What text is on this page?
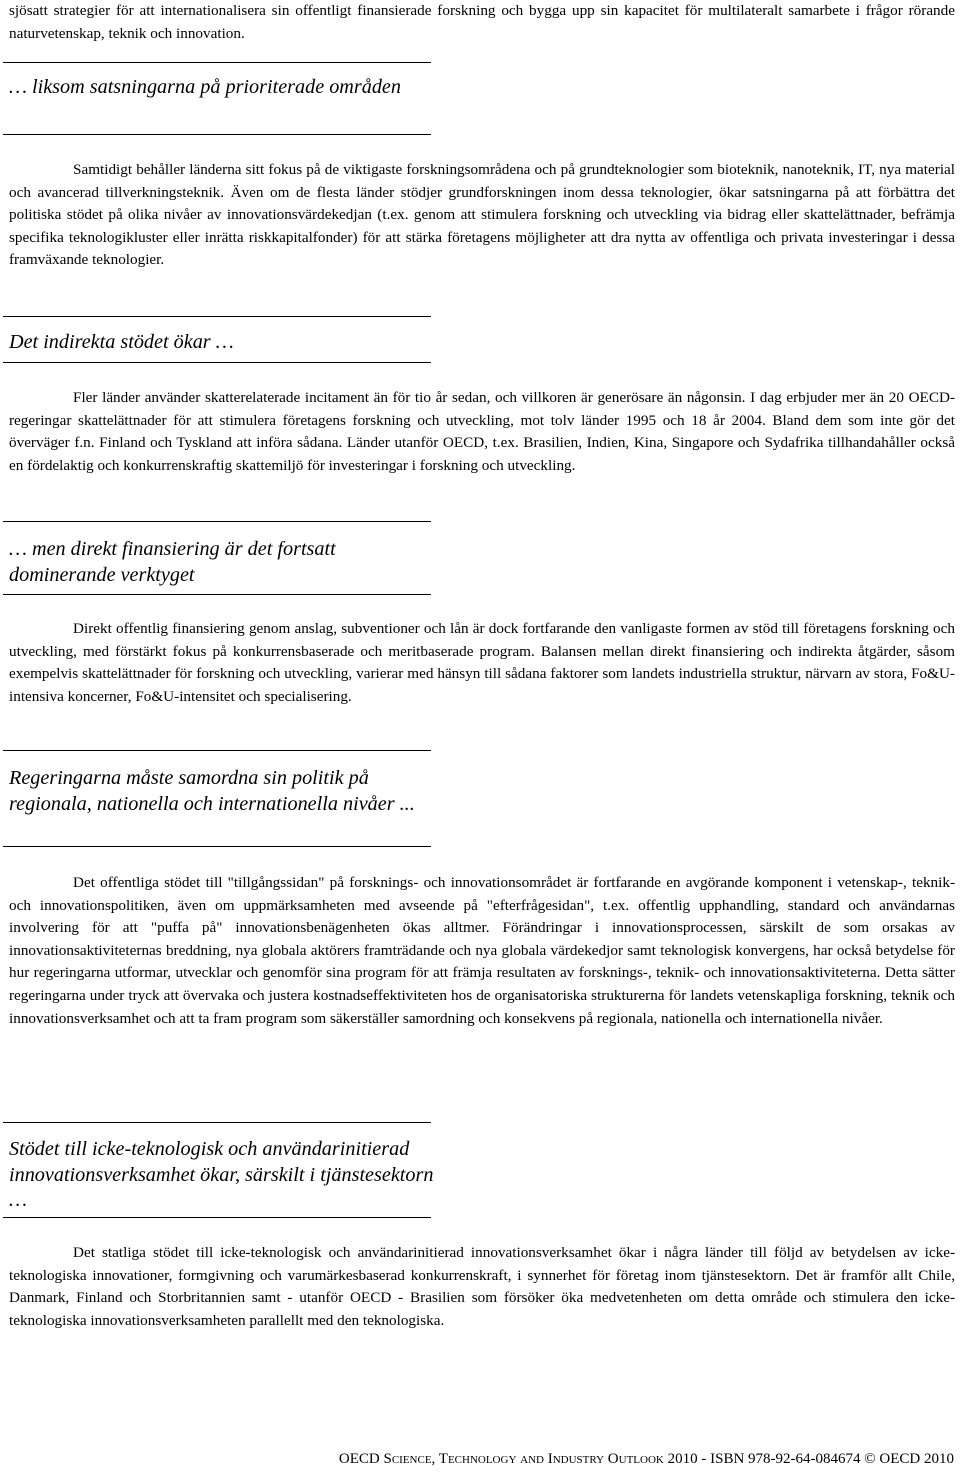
sjösatt strategier för att internationalisera sin offentligt finansierade forskning och bygga upp sin kapacitet för multilateralt samarbete i frågor rörande naturvetenskap, teknik och innovation.

… liksom satsningarna på prioriterade områden

Samtidigt behåller länderna sitt fokus på de viktigaste forskningsområdena och på grundteknologier som bioteknik, nanoteknik, IT, nya material och avancerad tillverkningsteknik. Även om de flesta länder stödjer grundforskningen inom dessa teknologier, ökar satsningarna på att förbättra det politiska stödet på olika nivåer av innovationsvärdekedjan (t.ex. genom att stimulera forskning och utveckling via bidrag eller skattelättnader, befrämja specifika teknologikluster eller inrätta riskkapitalfonder) för att stärka företagens möjligheter att dra nytta av offentliga och privata investeringar i dessa framväxande teknologier.

Det indirekta stödet ökar …

Fler länder använder skatterelaterade incitament än för tio år sedan, och villkoren är generösare än någonsin. I dag erbjuder mer än 20 OECD-regeringar skattelättnader för att stimulera företagens forskning och utveckling, mot tolv länder 1995 och 18 år 2004. Bland dem som inte gör det överväger f.n. Finland och Tyskland att införa sådana. Länder utanför OECD, t.ex. Brasilien, Indien, Kina, Singapore och Sydafrika tillhandahåller också en fördelaktig och konkurrenskraftig skattemiljö för investeringar i forskning och utveckling.

… men direkt finansiering är det fortsatt dominerande verktyget

Direkt offentlig finansiering genom anslag, subventioner och lån är dock fortfarande den vanligaste formen av stöd till företagens forskning och utveckling, med förstärkt fokus på konkurrensbaserade och meritbaserade program. Balansen mellan direkt finansiering och indirekta åtgärder, såsom exempelvis skattelättnader för forskning och utveckling, varierar med hänsyn till sådana faktorer som landets industriella struktur, närvarn av stora, Fo&U-intensiva koncerner, Fo&U-intensitet och specialisering.

Regeringarna måste samordna sin politik på regionala, nationella och internationella nivåer ...

Det offentliga stödet till "tillgångssidan" på forsknings- och innovationsområdet är fortfarande en avgörande komponent i vetenskap-, teknik- och innovationspolitiken, även om uppmärksamheten med avseende på "efterfrågesidan", t.ex. offentlig upphandling, standard och användarnas involvering för att "puffa på" innovationsbenägenheten ökas alltmer. Förändringar i innovationsprocessen, särskilt de som orsakas av innovationsaktiviteternas breddning, nya globala aktörers framträdande och nya globala värdekedjor samt teknologisk konvergens, har också betydelse för hur regeringarna utformar, utvecklar och genomför sina program för att främja resultaten av forsknings-, teknik- och innovationsaktiviteterna. Detta sätter regeringarna under tryck att övervaka och justera kostnadseffektiviteten hos de organisatoriska strukturerna för landets vetenskapliga forskning, teknik och innovationsverksamhet och att ta fram program som säkerställer samordning och konsekvens på regionala, nationella och internationella nivåer.

Stödet till icke-teknologisk och användarinitierad innovationsverksamhet ökar, särskilt i tjänstesektorn …

Det statliga stödet till icke-teknologisk och användarinitierad innovationsverksamhet ökar i några länder till följd av betydelsen av icke-teknologiska innovationer, formgivning och varumärkesbaserad konkurrenskraft, i synnerhet för företag inom tjänstesektorn. Det är framför allt Chile, Danmark, Finland och Storbritannien samt - utanför OECD - Brasilien som försöker öka medvetenheten om detta område och stimulera den icke-teknologiska innovationsverksamheten parallellt med den teknologiska.

OECD Science, Technology and Industry Outlook 2010 - ISBN 978-92-64-084674 © OECD 2010
